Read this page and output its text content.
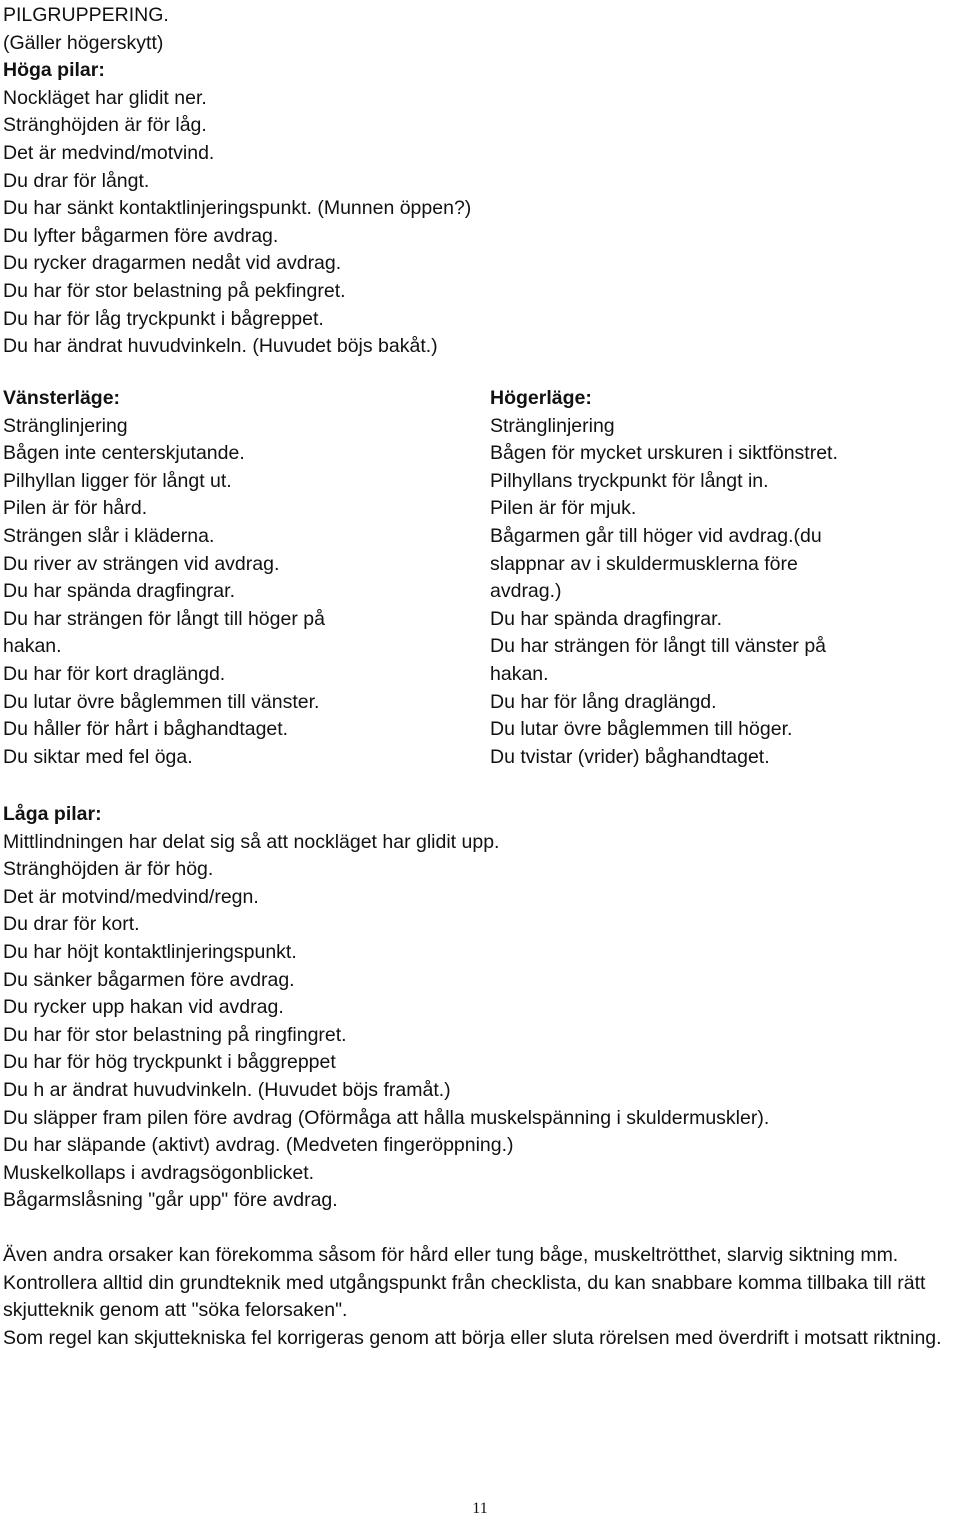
PILGRUPPERING.
(Gäller högerskytt)
Höga pilar:
Nockläget har glidit ner.
Stränghöjden är för låg.
Det är medvind/motvind.
Du drar för långt.
Du har sänkt kontaktlinjeringspunkt. (Munnen öppen?)
Du lyfter bågarmen före avdrag.
Du rycker dragarmen nedåt vid avdrag.
Du har för stor belastning på pekfingret.
Du har för låg tryckpunkt i bågreppet.
Du har ändrat huvudvinkeln. (Huvudet böjs bakåt.)
Vänsterläge:
Stränglinjering
Bågen inte centerskjutande.
Pilhyllan ligger för långt ut.
Pilen är för hård.
Strängen slår i kläderna.
Du river av strängen vid avdrag.
Du har spända dragfingrar.
Du har strängen för långt till höger på
hakan.
Du har för kort draglängd.
Du lutar övre båglemmen till vänster.
Du håller för hårt i båghandtaget.
Du siktar med fel öga.
Högerläge:
Stränglinjering
Bågen för mycket urskuren i siktfönstret.
Pilhyllans tryckpunkt för långt in.
Pilen är för mjuk.
Bågarmen går till höger vid avdrag.(du
slappnar av i skuldermusklerna före
avdrag.)
Du har spända dragfingrar.
Du har strängen för långt till vänster på
hakan.
Du har för lång draglängd.
Du lutar övre båglemmen till höger.
Du tvistar (vrider) båghandtaget.
Låga pilar:
Mittlindningen har delat sig så att nockläget har glidit upp.
Stränghöjden är för hög.
Det är motvind/medvind/regn.
Du drar för kort.
Du har höjt kontaktlinjeringspunkt.
Du sänker bågarmen före avdrag.
Du rycker upp hakan vid avdrag.
Du har för stor belastning på ringfingret.
Du har för hög tryckpunkt i båggreppet
Du h ar ändrat huvudvinkeln. (Huvudet böjs framåt.)
Du släpper fram pilen före avdrag (Oförmåga att hålla muskelspänning i skuldermuskler).
Du har släpande (aktivt) avdrag. (Medveten fingeröppning.)
Muskelkollaps i avdragsögonblicket.
Bågarmslåsning "går upp" före avdrag.
Även andra orsaker kan förekomma såsom för hård eller tung båge, muskeltrötthet, slarvig siktning mm.
Kontrollera alltid din grundteknik med utgångspunkt från checklista, du kan snabbare komma tillbaka till rätt skjutteknik genom att "söka felorsaken".
Som regel kan skjuttekniska fel korrigeras genom att börja eller sluta rörelsen med överdrift i motsatt riktning.
11
